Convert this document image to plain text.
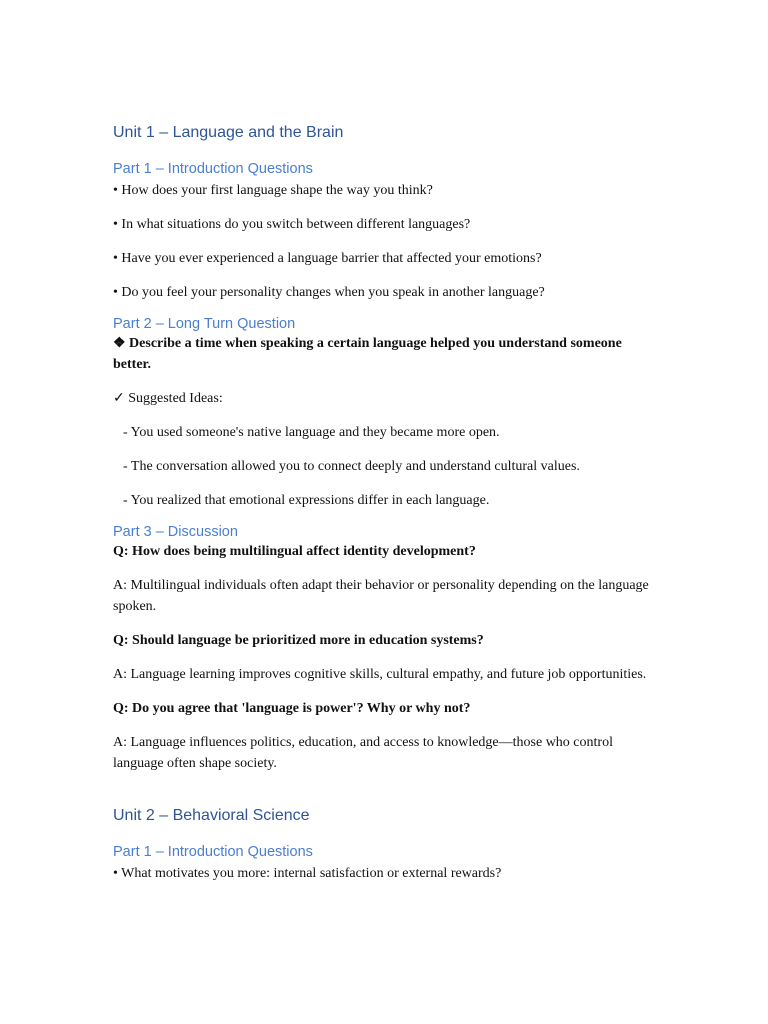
Unit 1 – Language and the Brain
Part 1 – Introduction Questions
• How does your first language shape the way you think?
• In what situations do you switch between different languages?
• Have you ever experienced a language barrier that affected your emotions?
• Do you feel your personality changes when you speak in another language?
Part 2 – Long Turn Question
❖ Describe a time when speaking a certain language helped you understand someone better.
✓ Suggested Ideas:
- You used someone's native language and they became more open.
- The conversation allowed you to connect deeply and understand cultural values.
- You realized that emotional expressions differ in each language.
Part 3 – Discussion
Q: How does being multilingual affect identity development?
A: Multilingual individuals often adapt their behavior or personality depending on the language spoken.
Q: Should language be prioritized more in education systems?
A: Language learning improves cognitive skills, cultural empathy, and future job opportunities.
Q: Do you agree that 'language is power'? Why or why not?
A: Language influences politics, education, and access to knowledge—those who control language often shape society.
Unit 2 – Behavioral Science
Part 1 – Introduction Questions
• What motivates you more: internal satisfaction or external rewards?
